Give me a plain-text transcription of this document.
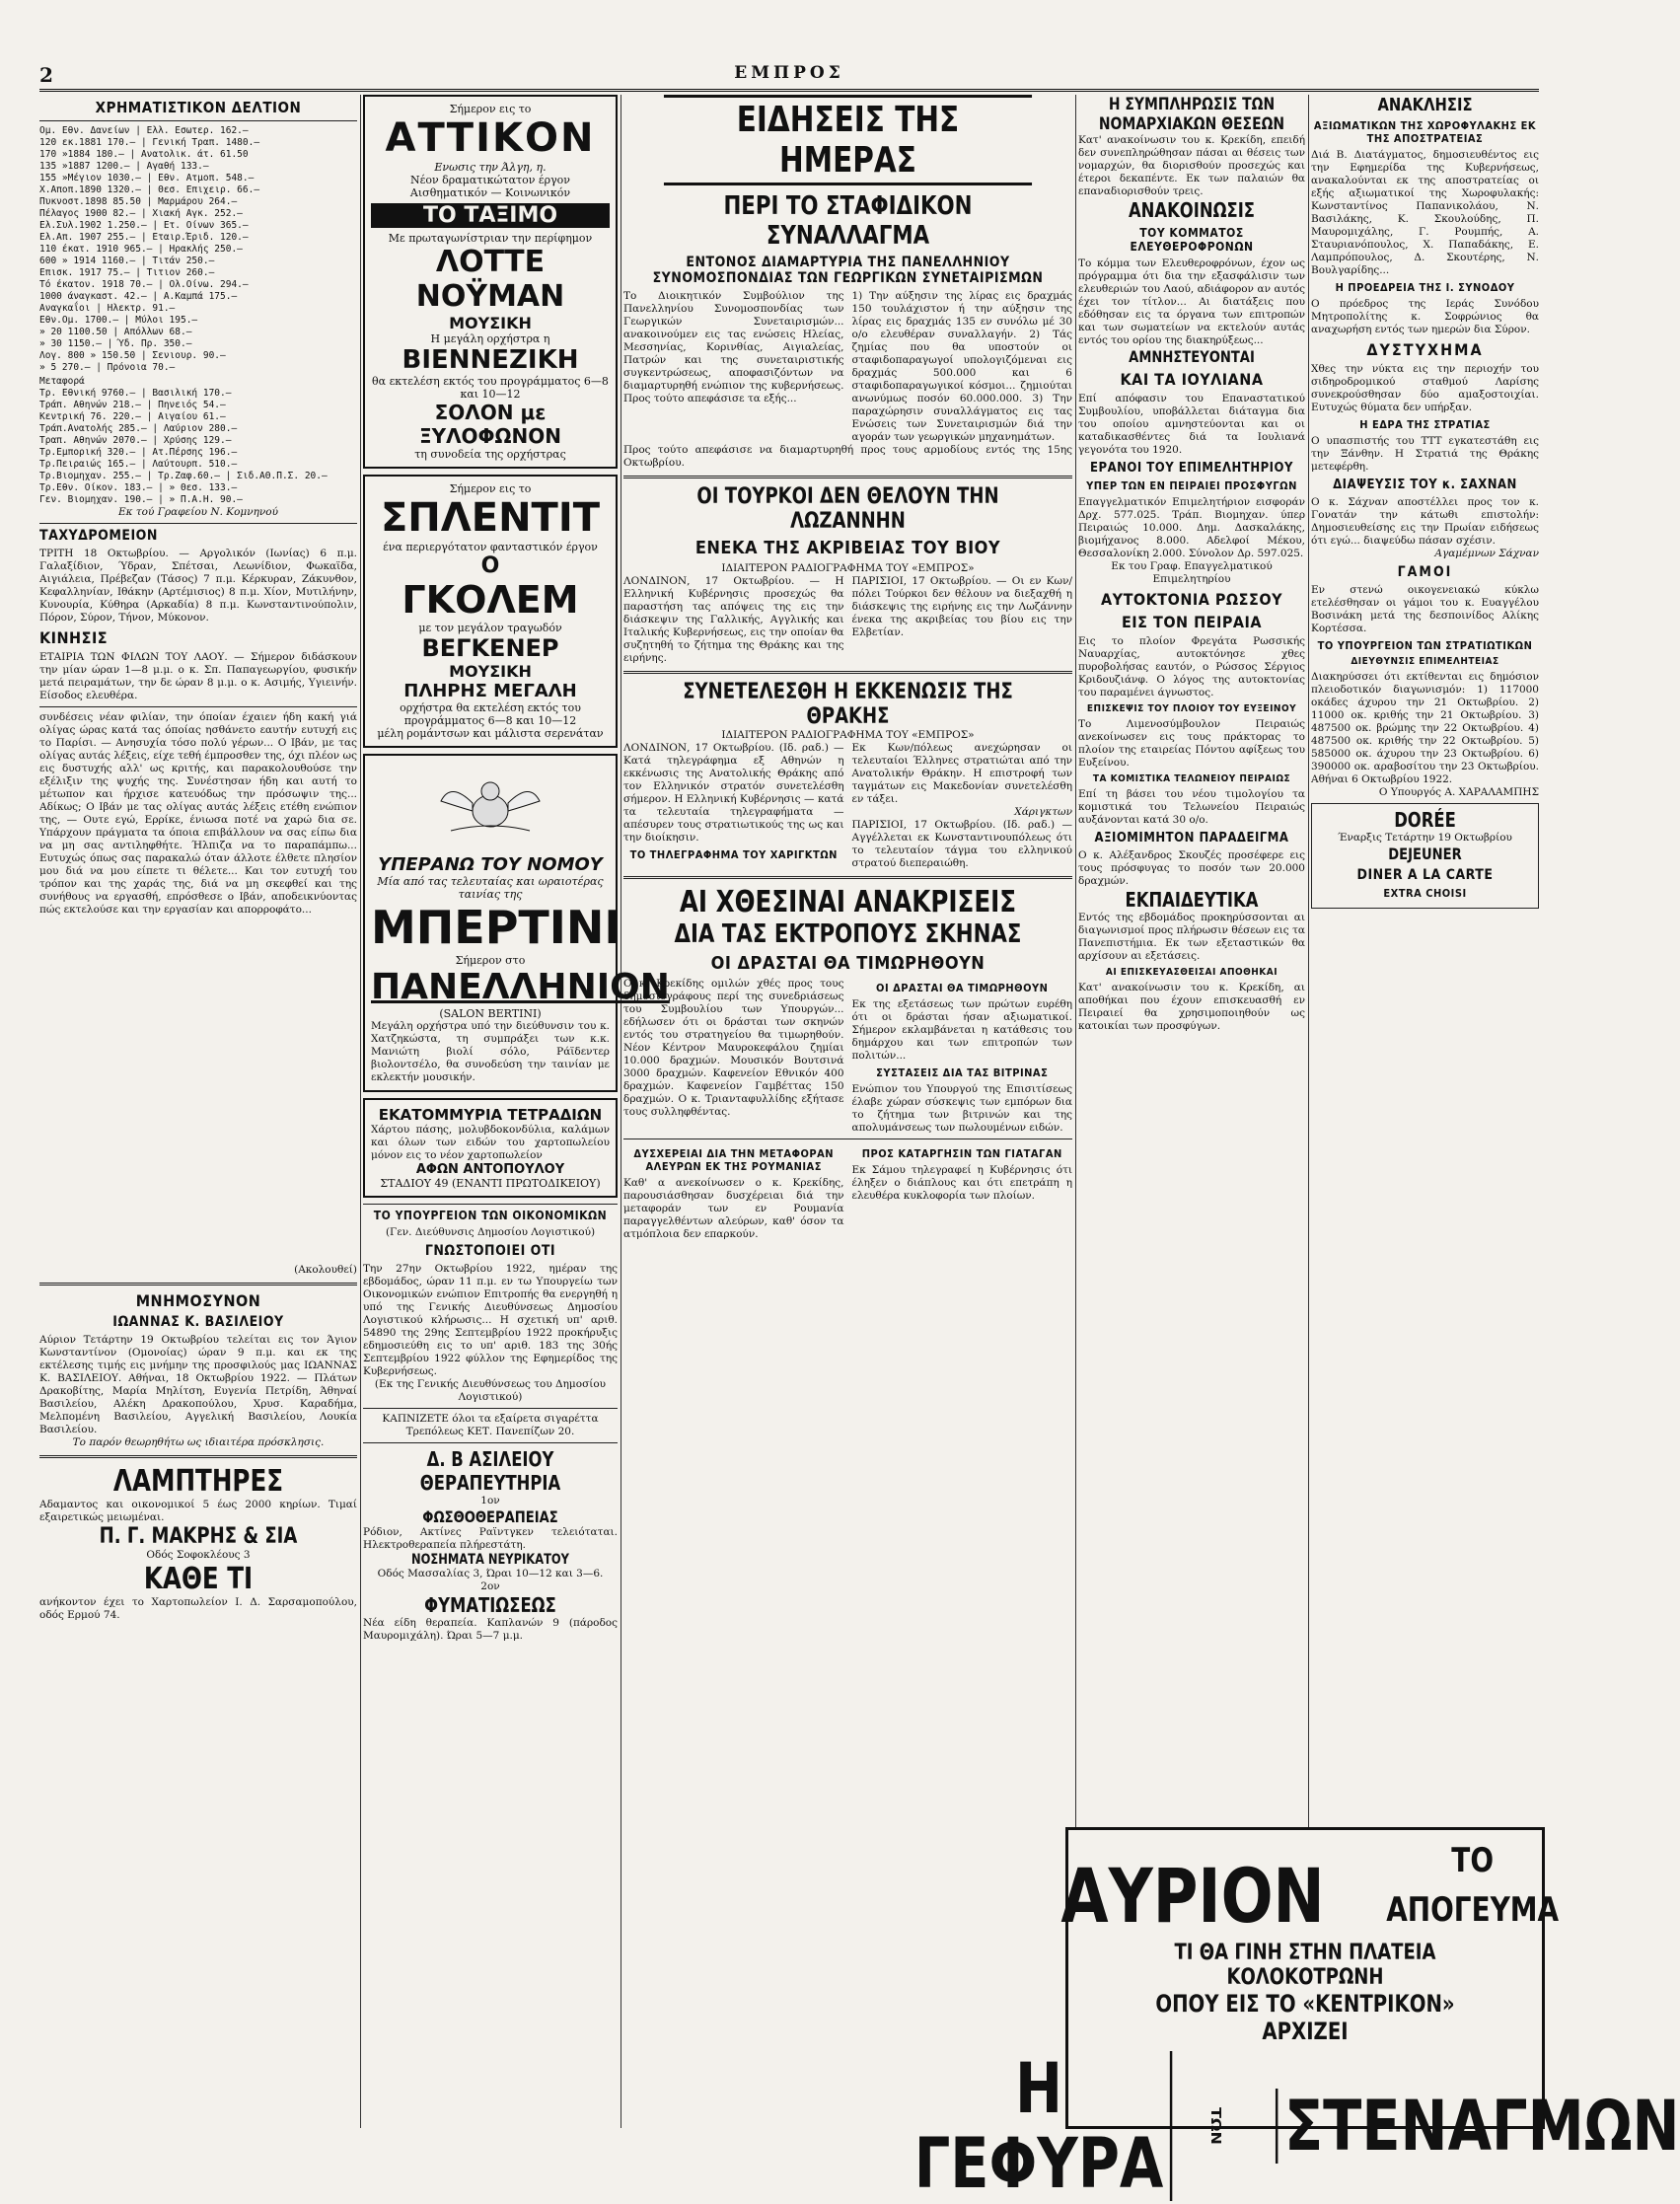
2	ΕΜΠΡΟΣ
ΧΡΗΜΑΤΙΣΤΙΚΟΝ ΔΕΛΤΙΟΝ
Ομ. Εθν. Δανείων | Ελλ. Εσωτερ. 162.—
120 εκ.1881 170.— | Γενική Τραπ. 1480.—
170 »1884 180.— | Ανατολικ. άτ. 61.50
135 »1887 1200.— | Αγαθή 133.—
155 »Μέγιον 1030.— | Εθν. Ατμοπ. 548.—
Χ.Αποπ.1890 1320.— | Θεσ. Επιχειρ. 66.—
Πυκνοστ.1898 85.50 | Μαρμάρου 264.—
Πέλαγος 1900 82.— | Χιακή Αγκ. 252.—
Ελ.Συλ.1902 1.250.— | Ετ. Οίνων 365.—
Ελ.Απ. 1907 255.— | Εταιρ.Έριδ. 120.—
110 έκατ. 1910 965.— | Ηρακλής 250.—
600 » 1914 1160.— | Τιτάν 250.—
Επισκ. 1917 75.— | Τιτιον 260.—
Τό έκατον. 1918 70.— | Ολ.Οίνω. 294.—
1000 άναγκαστ. 42.— | Α.Καμπά 175.—
Αναγκαΐοι | Ηλεκτρ. 91.—
Εθν.Ομ. 1700.— | Μύλοι 195.—
» 20 1100.50 | Απόλλων 68.—
» 30 1150.— | Ύδ. Πρ. 350.—
Λογ. 800 » 150.50 | Σενιουρ. 90.—
» 5 270.— | Πρόνοια 70.—
Μεταφορά
Τρ. Εθνική 9760.— | Βασιλική 170.—
Τράπ. Αθηνών 218.— | Πηνειός 54.—
Κεντρική 76. 220.— | Αιγαίου 61.—
Τράπ.Ανατολής 285.— | Λαύριον 280.—
Τραπ. Αθηνών 2070.— | Χρύσης 129.—
Τρ.Εμπορική 320.— | Ατ.Πέρσης 196.—
Τρ.Πειραιώς 165.— | Λαύτουρπ. 510.—
Τρ.Βιομηχαν. 255.— | Τρ.Ζαφ.60.— | Σιδ.ΑΘ.Π.Σ. 20.—
Τρ.Εθν. Οίκον. 183.— | » Θεσ. 133.—
Γεν. Βιομηχαν. 190.— | » Π.Α.Η. 90.—
Εκ τού Γραφείου Ν. Κομνηνού
ΤΑΧΥΔΡΟΜΕΙΟΝ
ΤΡΙΤΗ 18 Οκτωβρίου. — Αργολικόν (Ιωνίας) 6 π.μ. Γαλαξίδιον, Ύδραν, Σπέτσαι, Λεωνίδιον, Φωκαϊδα, Αιγιάλεια, Πρέβεζαν (Τάσος) 7 π.μ. Κέρκυραν, Ζάκυνθον, Κεφαλληνίαν, Ιθάκην (Αρτέμισιος) 8 π.μ. Χίον, Μυτιλήνην, Κυνουρία, Κύθηρα (Αρκαδία) 8 π.μ. Κωνσταντινούπολιν, Πόρον, Σύρον, Τήνον, Μύκονον.
ΚΙΝΗΣΙΣ
ΕΤΑΙΡΙΑ ΤΩΝ ΦΙΛΩΝ ΤΟΥ ΛΑΟΥ. — Σήμερον διδάσκουν την μίαν ώραν 1—8 μ.μ. ο κ. Σπ. Παπαγεωργίου, φυσικήν μετά πειραμάτων, την δε ώραν 8 μ.μ. ο κ. Ασιμής, Υγιεινήν. Είσοδος ελευθέρα.
συνδέσεις νέαν φιλίαν, την όποίαν έχαιεν ήδη κακή γιά ολίγας ώρας κατά τας όποίας ησθάνετο εαυτήν ευτυχή εις το Παρίσι. — Ανησυχία τόσο πολύ γέρων... Ο Ιβάν, με τας ολίγας αυτάς λέξεις, είχε τεθή έμπροσθεν της, όχι πλέον ως εις δυστυχής αλλ' ως κριτής, και παρακολουθούσε την εξέλιξιν της ψυχής της. Συνέστησαν ήδη και αυτή το μέτωπον και ήρχισε κατευόδως την πρόσωψιν της... Αδίκως; Ο Ιβάν με τας ολίγας αυτάς λέξεις ετέθη ενώπιον της, — Ουτε εγώ, Ερρίκε, ένιωσα ποτέ να χαρώ δια σε. Υπάρχουν πράγματα τα όποια επιβάλλουν να σας είπω δια να μη σας αντιληφθήτε. Ήλπιζα να το παραπάμπω... Ευτυχώς όπως σας παρακαλώ όταν άλλοτε έλθετε πλησίον μου διά να μου είπετε τι θέλετε... Και τον ευτυχή του τρόπον και της χαράς της, διά να μη σκεφθεί και της συνήθους να εργασθή, επρόσθεσε ο Ιβάν, αποδεικνύοντας πώς εκτελούσε και την εργασίαν και απορροφάτο...
(Ακολουθεί)
ΜΝΗΜΟΣΥΝΟΝ
ΙΩΑΝΝΑΣ Κ. ΒΑΣΙΛΕΙΟΥ
Αύριον Τετάρτην 19 Οκτωβρίου τελείται εις τον Άγιον Κωνσταντίνον (Ομονοίας) ώραν 9 π.μ. και εκ της εκτέλεσης τιμής εις μνήμην της προσφιλούς μας ΙΩΑΝΝΑΣ Κ. ΒΑΣΙΛΕΙΟΥ. Αθήναι, 18 Οκτωβρίου 1922. — Πλάτων Δρακοβίτης, Μαρία Μηλίτση, Ευγενία Πετρίδη, Άθηναί Βασιλείου, Αλέκη Δρακοπούλου, Χρυσ. Καραδήμα, Μελπομένη Βασιλείου, Αγγελική Βασιλείου, Λουκία Βασιλείου.
Το παρόν θεωρηθήτω ως ιδιαιτέρα πρόσκλησις.
ΛΑΜΠΤΗΡΕΣ
Αδαμαντος και οικονομικοί 5 έως 2000 κηρίων. Τιμαί εξαιρετικώς μειωμέναι.
Π. Γ. ΜΑΚΡΗΣ & ΣΙΑ
Οδός Σοφοκλέους 3
ΚΑΘΕ ΤΙ
ανήκοντον έχει το Χαρτοπωλείον Ι. Δ. Σαρσαμοπούλου, οδός Ερμού 74.
Σήμερον εις το
ΑΤΤΙΚΟΝ
Ενωσις την Άλγη, η.
Νέον δραματικώτατον έργον Αισθηματικόν — Κοινωνικόν
ΤΟ ΤΑΞΙΜΟ
Με πρωταγωνίστριαν την περίφημον
ΛΟΤΤΕ ΝΟΫΜΑΝ
ΜΟΥΣΙΚΗ
Η μεγάλη ορχήστρα η
ΒΙΕΝΝΕΖΙΚΗ
θα εκτελέση εκτός του προγράμματος 6—8 και 10—12
ΣΟΛΟΝ με ΞΥΛΟΦΩΝΟΝ
τη συνοδεία της ορχήστρας
Σήμερον εις το
ΣΠΛΕΝΤΙΤ
ένα περιεργότατον φανταστικόν έργον
Ο
ΓΚΟΛΕΜ
με τον μεγάλον τραγωδόν
ΒΕΓΚΕΝΕΡ
ΜΟΥΣΙΚΗ
ΠΛΗΡΗΣ ΜΕΓΑΛΗ
ορχήστρα θα εκτελέση εκτός του προγράμματος 6—8 και 10—12
μέλη ρομάντσων και μάλιστα σερενάταν
ΥΠΕΡΑΝΩ ΤΟΥ ΝΟΜΟΥ
Μία από τας τελευταίας και ωραιοτέρας ταινίας της
ΜΠΕΡΤΙΝΙ
Σήμερον στο
ΠΑΝΕΛΛΗΝΙΟΝ
(SALON BERTINI)
Μεγάλη ορχήστρα υπό την διεύθυνσιν του κ. Χατζηκώστα, τη συμπράξει των κ.κ. Μανιώτη βιολί σόλο, Ράϊδεντερ βιολοντσέλο, θα συνοδεύση την ταινίαν με εκλεκτήν μουσικήν.
ΕΚΑΤΟΜΜΥΡΙΑ ΤΕΤΡΑΔΙΩΝ
Χάρτου πάσης, μολυβδοκονδύλια, καλάμων και όλων των ειδών του χαρτοπωλείου μόνον εις το νέον χαρτοπωλείον
ΑΦΩΝ ΑΝΤΟΠΟΥΛΟΥ
ΣΤΑΔΙΟΥ 49 (ΕΝΑΝΤΙ ΠΡΩΤΟΔΙΚΕΙΟΥ)
ΤΟ ΥΠΟΥΡΓΕΙΟΝ ΤΩΝ ΟΙΚΟΝΟΜΙΚΩΝ
(Γεν. Διεύθυνσις Δημοσίου Λογιστικού)
ΓΝΩΣΤΟΠΟΙΕΙ ΟΤΙ
Την 27ην Οκτωβρίου 1922, ημέραν της εβδομάδος, ώραν 11 π.μ. εν τω Υπουργείω των Οικονομικών ενώπιον Επιτροπής θα ενεργηθή η υπό της Γενικής Διευθύνσεως Δημοσίου Λογιστικού κλήρωσις... Η σχετική υπ' αριθ. 54890 της 29ης Σεπτεμβρίου 1922 προκήρυξις εδημοσιεύθη εις το υπ' αριθ. 183 της 30ής Σεπτεμβρίου 1922 φύλλον της Εφημερίδος της Κυβερνήσεως.
(Εκ της Γενικής Διευθύνσεως του Δημοσίου Λογιστικού)
ΚΑΠΝΙΖΕΤΕ όλοι τα εξαίρετα σιγαρέττα Τρεπόλεως ΚΕΤ. Πανεπίζων 20.
Δ. Β ΑΣΙΛΕΙΟΥ
ΘΕΡΑΠΕΥΤΗΡΙΑ
1ον
ΦΩΣΘΟΘΕΡΑΠΕΙΑΣ
Ρόδιον, Ακτίνες Ραϊντγκεν τελειόταται. Ηλεκτροθεραπεία πλήρεστάτη.
ΝΟΣΗΜΑΤΑ ΝΕΥΡΙΚΑΤΟΥ
Οδός Μασσαλίας 3, Ώραι 10—12 και 3—6.
2ον
ΦΥΜΑΤΙΩΣΕΩΣ
Νέα είδη θεραπεία. Καπλανών 9 (πάροδος Μαυρομιχάλη). Ώραι 5—7 μ.μ.
ΕΙΔΗΣΕΙΣ ΤΗΣ ΗΜΕΡΑΣ
ΠΕΡΙ ΤΟ ΣΤΑΦΙΔΙΚΟΝ ΣΥΝΑΛΛΑΓΜΑ
ΕΝΤΟΝΟΣ ΔΙΑΜΑΡΤΥΡΙΑ ΤΗΣ ΠΑΝΕΛΛΗΝΙΟΥ ΣΥΝΟΜΟΣΠΟΝΔΙΑΣ ΤΩΝ ΓΕΩΡΓΙΚΩΝ ΣΥΝΕΤΑΙΡΙΣΜΩΝ
Το Διοικητικόν Συμβούλιον της Πανελληνίου Συνομοσπονδίας των Γεωργικών Συνεταιρισμών... ανακοινούμεν εις τας ενώσεις Ηλείας, Μεσσηνίας, Κορινθίας, Αιγιαλείας, Πατρών και της συνεταιριστικής συγκεντρώσεως, αποφασιζόντων να διαμαρτυρηθή ενώπιον της κυβερνήσεως. Προς τούτο απεφάσισε τα εξής...
1) Την αύξησιν της λίρας εις δραχμάς 150 τουλάχιστον ή την αύξησιν της λίρας εις δραχμάς 135 εν συνόλω μέ 30 ο/ο ελευθέραν συναλλαγήν. 2) Τάς ζημίας που θα υποστούν οι σταφιδοπαραγωγοί υπολογιζόμεναι εις δραχμάς 500.000 και 6 σταφιδοπαραγωγικοί κόσμοι... ζημιούται ανωνύμως ποσόν 60.000.000. 3) Την παραχώρησιν συναλλάγματος εις τας Ενώσεις των Συνεταιρισμών διά την αγοράν των γεωργικών μηχανημάτων.
Προς τούτο απεφάσισε να διαμαρτυρηθή προς τους αρμοδίους εντός της 15ης Οκτωβρίου.
ΟΙ ΤΟΥΡΚΟΙ ΔΕΝ ΘΕΛΟΥΝ ΤΗΝ ΛΩΖΑΝΝΗΝ
ΕΝΕΚΑ ΤΗΣ ΑΚΡΙΒΕΙΑΣ ΤΟΥ ΒΙΟΥ
ΙΔΙΑΙΤΕΡΟΝ ΡΑΔΙΟΓΡΑΦΗΜΑ ΤΟΥ «ΕΜΠΡΟΣ»
ΛΟΝΔΙΝΟΝ, 17 Οκτωβρίου. — Η Ελληνική Κυβέρνησις προσεχώς θα παραστήση τας απόψεις της εις την διάσκεψιν της Γαλλικής, Αγγλικής και Ιταλικής Κυβερνήσεως, εις την οποίαν θα συζητηθή το ζήτημα της Θράκης και της ειρήνης.
ΠΑΡΙΣΙΟΙ, 17 Οκτωβρίου. — Οι εν Κων/πόλει Τούρκοι δεν θέλουν να διεξαχθή η διάσκεψις της ειρήνης εις την Λωζάννην ένεκα της ακριβείας του βίου εις την Ελβετίαν.
ΣΥΝΕΤΕΛΕΣΘΗ Η ΕΚΚΕΝΩΣΙΣ ΤΗΣ ΘΡΑΚΗΣ
ΙΔΙΑΙΤΕΡΟΝ ΡΑΔΙΟΓΡΑΦΗΜΑ ΤΟΥ «ΕΜΠΡΟΣ»
ΛΟΝΔΙΝΟΝ, 17 Οκτωβρίου. (Ιδ. ραδ.) — Κατά τηλεγράφημα εξ Αθηνών η εκκένωσις της Ανατολικής Θράκης από τον Ελληνικόν στρατόν συνετελέσθη σήμερον. Η Ελληνική Κυβέρνησις — κατά τα τελευταία τηλεγραφήματα — απέσυρεν τους στρατιωτικούς της ως και την διοίκησιν.
ΤΟ ΤΗΛΕΓΡΑΦΗΜΑ ΤΟΥ ΧΑΡΙΓΚΤΩΝ
Εκ Κων/πόλεως ανεχώρησαν οι τελευταίοι Έλληνες στρατιώται από την Ανατολικήν Θράκην. Η επιστροφή των ταγμάτων εις Μακεδονίαν συνετελέσθη εν τάξει.
Χάριγκτων
ΠΑΡΙΣΙΟΙ, 17 Οκτωβρίου. (Ιδ. ραδ.) — Αγγέλλεται εκ Κωνσταντινουπόλεως ότι το τελευταίον τάγμα του ελληνικού στρατού διεπεραιώθη.
ΑΙ ΧΘΕΣΙΝΑΙ ΑΝΑΚΡΙΣΕΙΣ
ΔΙΑ ΤΑΣ ΕΚΤΡΟΠΟΥΣ ΣΚΗΝΑΣ
ΟΙ ΔΡΑΣΤΑΙ ΘΑ ΤΙΜΩΡΗΘΟΥΝ
Ο κ. Κρεκίδης ομιλών χθές προς τους δημοσιογράφους περί της συνεδριάσεως του Συμβουλίου των Υπουργών... εδήλωσεν ότι οι δράσται των σκηνών εντός του στρατηγείου θα τιμωρηθούν. Νέον Κέντρον Μαυροκεφάλου ζημίαι 10.000 δραχμών. Μουσικόν Βουτσινά 3000 δραχμών. Καφενείον Εθνικόν 400 δραχμών. Καφενείον Γαμβέττας 150 δραχμών. Ο κ. Τριανταφυλλίδης εξήτασε τους συλληφθέντας.
ΟΙ ΔΡΑΣΤΑΙ ΘΑ ΤΙΜΩΡΗΘΟΥΝ
Εκ της εξετάσεως των πρώτων ευρέθη ότι οι δράσται ήσαν αξιωματικοί. Σήμερον εκλαμβάνεται η κατάθεσις του δημάρχου και των επιτροπών των πολιτών...
ΣΥΣΤΑΣΕΙΣ ΔΙΑ ΤΑΣ ΒΙΤΡΙΝΑΣ
Ενώπιον του Υπουργού της Επισιτίσεως έλαβε χώραν σύσκεψις των εμπόρων δια το ζήτημα των βιτρινών και της απολυμάνσεως των πωλουμένων ειδών.
ΔΥΣΧΕΡΕΙΑΙ ΔΙΑ ΤΗΝ ΜΕΤΑΦΟΡΑΝ ΑΛΕΥΡΩΝ ΕΚ ΤΗΣ ΡΟΥΜΑΝΙΑΣ
Καθ' α ανεκοίνωσεν ο κ. Κρεκίδης, παρουσιάσθησαν δυσχέρειαι διά την μεταφοράν των εν Ρουμανία παραγγελθέντων αλεύρων, καθ' όσον τα ατμόπλοια δεν επαρκούν.
ΠΡΟΣ ΚΑΤΑΡΓΗΣΙΝ ΤΩΝ ΓΙΑΤΑΓΑΝ
Εκ Σάμου τηλεγραφεί η Κυβέρνησις ότι έληξεν ο διάπλους και ότι επετράπη η ελευθέρα κυκλοφορία των πλοίων.
Η ΣΥΜΠΛΗΡΩΣΙΣ ΤΩΝ ΝΟΜΑΡΧΙΑΚΩΝ ΘΕΣΕΩΝ
Κατ' ανακοίνωσιν του κ. Κρεκίδη, επειδή δεν συνεπληρώθησαν πάσαι αι θέσεις των νομαρχών, θα διορισθούν προσεχώς και έτεροι δεκαπέντε. Εκ των παλαιών θα επαναδιορισθούν τρεις.
ΑΝΑΚΟΙΝΩΣΙΣ
ΤΟΥ ΚΟΜΜΑΤΟΣ ΕΛΕΥΘΕΡΟΦΡΟΝΩΝ
Το κόμμα των Ελευθεροφρόνων, έχον ως πρόγραμμα ότι δια την εξασφάλισιν των ελευθεριών του Λαού, αδιάφορον αν αυτός έχει τον τίτλον... Αι διατάξεις που εδόθησαν εις τα όργανα των επιτροπών και των σωματείων να εκτελούν αυτάς εντός του ορίου της διακηρύξεως...
ΑΜΝΗΣΤΕΥΟΝΤΑΙ
ΚΑΙ ΤΑ ΙΟΥΛΙΑΝΑ
Επί απόφασιν του Επαναστατικού Συμβουλίου, υποβάλλεται διάταγμα δια του οποίου αμνηστεύονται και οι καταδικασθέντες διά τα Ιουλιανά γεγονότα του 1920.
ΕΡΑΝΟΙ ΤΟΥ ΕΠΙΜΕΛΗΤΗΡΙΟΥ
ΥΠΕΡ ΤΩΝ ΕΝ ΠΕΙΡΑΙΕΙ ΠΡΟΣΦΥΓΩΝ
Επαγγελματικόν Επιμελητήριον εισφοράν Δρχ. 577.025. Τράπ. Βιομηχαν. ύπερ Πειραιώς 10.000. Δημ. Δασκαλάκης, βιομήχανος 8.000. Αδελφοί Μέκου, Θεσσαλονίκη 2.000. Σύνολον Δρ. 597.025.
Εκ του Γραφ. Επαγγελματικού Επιμελητηρίου
ΑΥΤΟΚΤΟΝΙΑ ΡΩΣΣΟΥ
ΕΙΣ ΤΟΝ ΠΕΙΡΑΙΑ
Εις το πλοίον Φρεγάτα Ρωσσικής Ναυαρχίας, αυτοκτόνησε χθες πυροβολήσας εαυτόν, ο Ρώσσος Σέργιος Κριδουζιάνφ. Ο λόγος της αυτοκτονίας του παραμένει άγνωστος.
ΕΠΙΣΚΕΨΙΣ ΤΟΥ ΠΛΟΙΟΥ ΤΟΥ ΕΥΞΕΙΝΟΥ
Το Λιμενοσύμβουλον Πειραιώς ανεκοίνωσεν εις τους πράκτορας το πλοίον της εταιρείας Πόντου αφίξεως του Ευξείνου.
ΤΑ ΚΟΜΙΣΤΙΚΑ ΤΕΛΩΝΕΙΟΥ ΠΕΙΡΑΙΩΣ
Επί τη βάσει του νέου τιμολογίου τα κομιστικά του Τελωνείου Πειραιώς αυξάνονται κατά 30 ο/ο.
ΑΞΙΟΜΙΜΗΤΟΝ ΠΑΡΑΔΕΙΓΜΑ
Ο κ. Αλέξανδρος Σκουζές προσέφερε εις τους πρόσφυγας το ποσόν των 20.000 δραχμών.
ΕΚΠΑΙΔΕΥΤΙΚΑ
Εντός της εβδομάδος προκηρύσσονται αι διαγωνισμοί προς πλήρωσιν θέσεων εις τα Πανεπιστήμια. Εκ των εξεταστικών θα αρχίσουν αι εξετάσεις.
ΑΙ ΕΠΙΣΚΕΥΑΣΘΕΙΣΑΙ ΑΠΟΘΗΚΑΙ
Κατ' ανακοίνωσιν του κ. Κρεκίδη, αι αποθήκαι που έχουν επισκευασθή εν Πειραιεί θα χρησιμοποιηθούν ως κατοικίαι των προσφύγων.
ΑΝΑΚΛΗΣΙΣ
ΑΞΙΩΜΑΤΙΚΩΝ ΤΗΣ ΧΩΡΟΦΥΛΑΚΗΣ ΕΚ ΤΗΣ ΑΠΟΣΤΡΑΤΕΙΑΣ
Διά Β. Διατάγματος, δημοσιευθέντος εις την Εφημερίδα της Κυβερνήσεως, ανακαλούνται εκ της αποστρατείας οι εξής αξιωματικοί της Χωροφυλακής: Κωνσταντίνος Παπανικολάου, Ν. Βασιλάκης, Κ. Σκουλούδης, Π. Μαυρομιχάλης, Γ. Ρουμπής, Α. Σταυριανόπουλος, Χ. Παπαδάκης, Ε. Λαμπρόπουλος, Δ. Σκουτέρης, Ν. Βουλγαρίδης...
Η ΠΡΟΕΔΡΕΙΑ ΤΗΣ Ι. ΣΥΝΟΔΟΥ
Ο πρόεδρος της Ιεράς Συνόδου Μητροπολίτης κ. Σοφρώνιος θα αναχωρήση εντός των ημερών δια Σύρον.
ΔΥΣΤΥΧΗΜΑ
Χθες την νύκτα εις την περιοχήν του σιδηροδρομικού σταθμού Λαρίσης συνεκρούσθησαν δύο αμαξοστοιχίαι. Ευτυχώς θύματα δεν υπήρξαν.
Η ΕΔΡΑ ΤΗΣ ΣΤΡΑΤΙΑΣ
Ο υπασπιστής του ΤΤΤ εγκατεστάθη εις την Ξάνθην. Η Στρατιά της Θράκης μετεφέρθη.
ΔΙΑΨΕΥΣΙΣ ΤΟΥ κ. ΣΑΧΝΑΝ
Ο κ. Σάχναν αποστέλλει προς τον κ. Γονατάν την κάτωθι επιστολήν: Δημοσιευθείσης εις την Πρωίαν ειδήσεως ότι εγώ... διαψεύδω πάσαν σχέσιν.
Αγαμέμνων Σάχναν
ΓΑΜΟΙ
Εν στενώ οικογενειακώ κύκλω ετελέσθησαν οι γάμοι του κ. Ευαγγέλου Βοσινάκη μετά της δεσποινίδος Αλίκης Κορτέσσα.
ΤΟ ΥΠΟΥΡΓΕΙΟΝ ΤΩΝ ΣΤΡΑΤΙΩΤΙΚΩΝ
ΔΙΕΥΘΥΝΣΙΣ ΕΠΙΜΕΛΗΤΕΙΑΣ
Διακηρύσσει ότι εκτίθενται εις δημόσιον πλειοδοτικόν διαγωνισμόν: 1) 117000 οκάδες άχυρου την 21 Οκτωβρίου. 2) 11000 οκ. κριθής την 21 Οκτωβρίου. 3) 487500 οκ. βρώμης την 22 Οκτωβρίου. 4) 487500 οκ. κριθής την 22 Οκτωβρίου. 5) 585000 οκ. άχυρου την 23 Οκτωβρίου. 6) 390000 οκ. αραβοσίτου την 23 Οκτωβρίου. Αθήναι 6 Οκτωβρίου 1922.
Ο Υπουργός Α. ΧΑΡΑΛΑΜΠΗΣ
DORÉE
Έναρξις Τετάρτην 19 Οκτωβρίου
DEJEUNER
DINER A LA CARTE
EXTRA CHOISI
ΑΥΡΙΟΝ	ΤΟ ΑΠΟΓΕΥΜΑ
ΤΙ ΘΑ ΓΙΝΗ ΣΤΗΝ ΠΛΑΤΕΙΑ ΚΟΛΟΚΟΤΡΩΝΗ
ΟΠΟΥ ΕΙΣ ΤΟ «ΚΕΝΤΡΙΚΟΝ» ΑΡΧΙΖΕΙ
Η ΓΕΦΥΡΑ	ΤΩΝ ΣΤΕΝΑΓΜΩΝ
